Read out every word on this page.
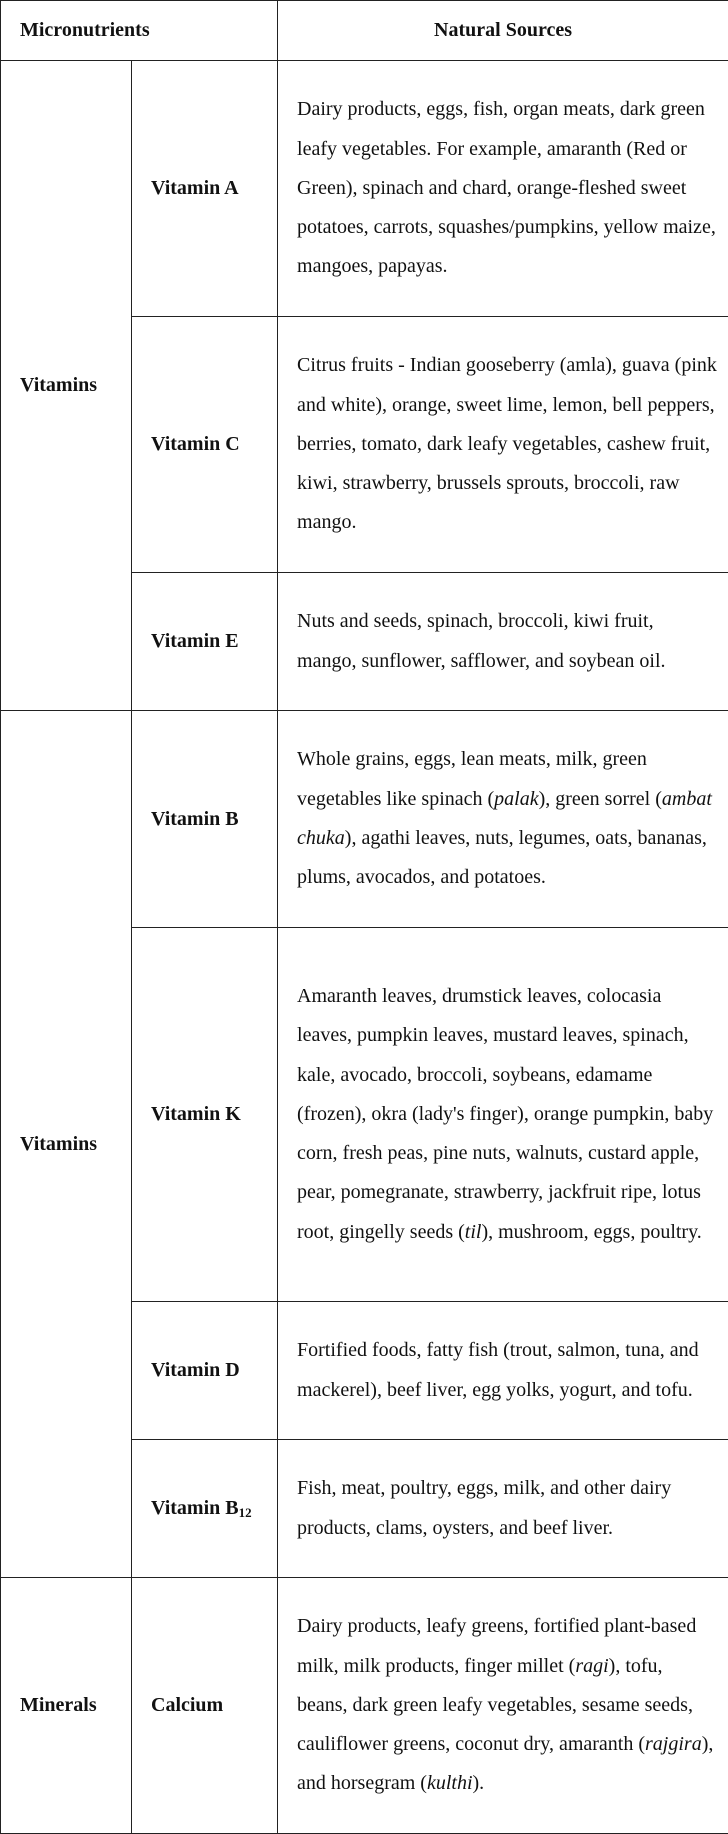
Micronutrients		Natural Sources
Vitamins	Vitamin A	Dairy products, eggs, fish, organ meats, dark green leafy vegetables. For example, amaranth (Red or Green), spinach and chard, orange-fleshed sweet potatoes, carrots, squashes/pumpkins, yellow maize, mangoes, papayas.
	Vitamin C	Citrus fruits - Indian gooseberry (amla), guava (pink and white), orange, sweet lime, lemon, bell peppers, berries, tomato, dark leafy vegetables, cashew fruit, kiwi, strawberry, brussels sprouts, broccoli, raw mango.
	Vitamin E	Nuts and seeds, spinach, broccoli, kiwi fruit, mango, sunflower, safflower, and soybean oil.
Vitamins	Vitamin B	Whole grains, eggs, lean meats, milk, green vegetables like spinach (palak), green sorrel (ambat chuka), agathi leaves, nuts, legumes, oats, bananas, plums, avocados, and potatoes.
	Vitamin K	Amaranth leaves, drumstick leaves, colocasia leaves, pumpkin leaves, mustard leaves, spinach, kale, avocado, broccoli, soybeans, edamame (frozen), okra (lady's finger), orange pumpkin, baby corn, fresh peas, pine nuts, walnuts, custard apple, pear, pomegranate, strawberry, jackfruit ripe, lotus root, gingelly seeds (til), mushroom, eggs, poultry.
	Vitamin D	Fortified foods, fatty fish (trout, salmon, tuna, and mackerel), beef liver, egg yolks, yogurt, and tofu.
	Vitamin $B_{12}$	Fish, meat, poultry, eggs, milk, and other dairy products, clams, oysters, and beef liver.
Minerals	Calcium	Dairy products, leafy greens, fortified plant-based milk, milk products, finger millet (ragi), tofu, beans, dark green leafy vegetables, sesame seeds, cauliflower greens, coconut dry, amaranth (rajgira), and horsegram (kulthi).
